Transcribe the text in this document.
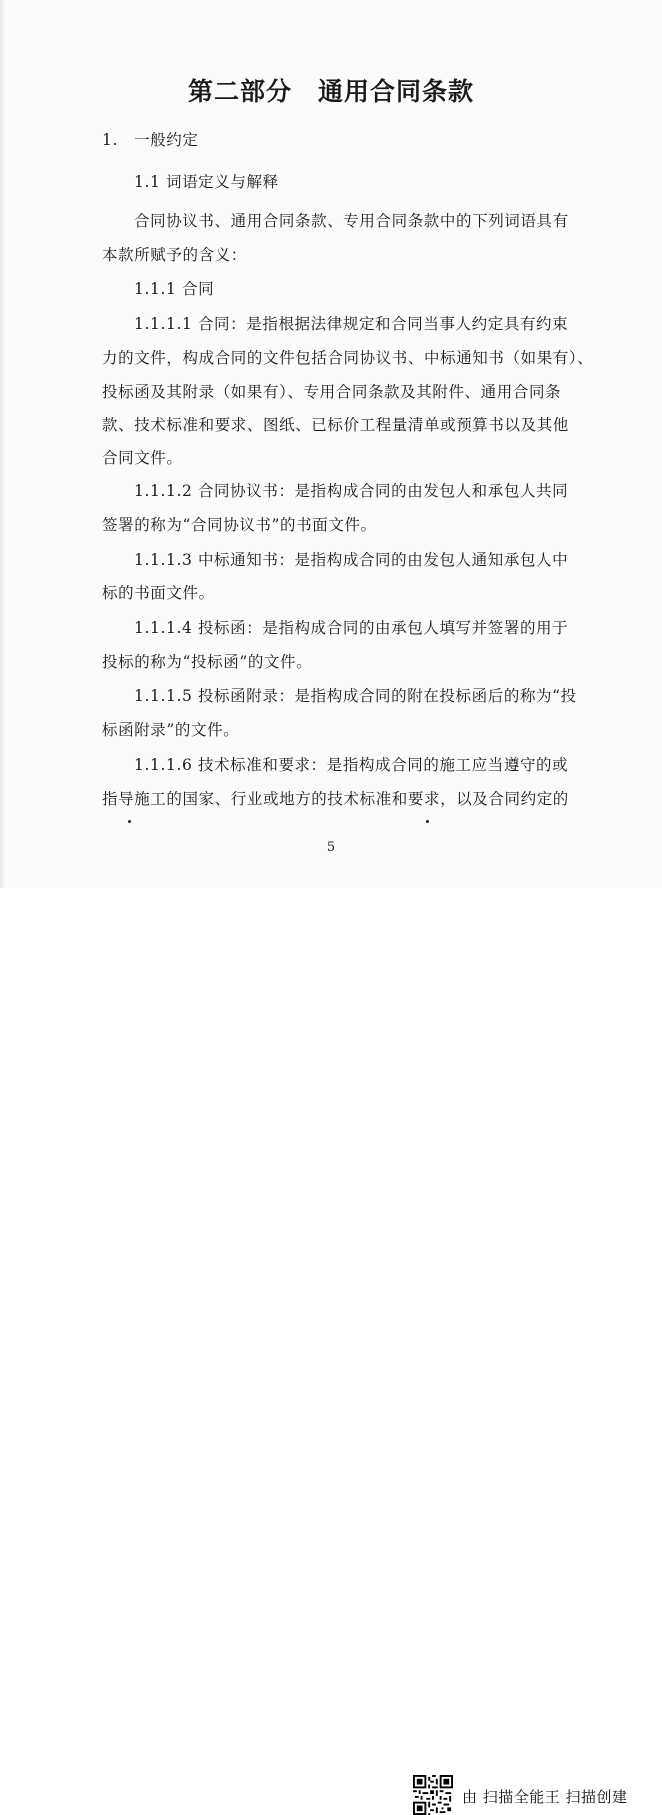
第二部分　通用合同条款
1.　一般约定
1.1 词语定义与解释
合同协议书、通用合同条款、专用合同条款中的下列词语具有
本款所赋予的含义：
1.1.1 合同
1.1.1.1 合同：是指根据法律规定和合同当事人约定具有约束
力的文件，构成合同的文件包括合同协议书、中标通知书（如果有）、
投标函及其附录（如果有）、专用合同条款及其附件、通用合同条
款、技术标准和要求、图纸、已标价工程量清单或预算书以及其他
合同文件。
1.1.1.2 合同协议书：是指构成合同的由发包人和承包人共同
签署的称为“合同协议书”的书面文件。
1.1.1.3 中标通知书：是指构成合同的由发包人通知承包人中
标的书面文件。
1.1.1.4 投标函：是指构成合同的由承包人填写并签署的用于
投标的称为“投标函”的文件。
1.1.1.5 投标函附录：是指构成合同的附在投标函后的称为“投
标函附录”的文件。
1.1.1.6 技术标准和要求：是指构成合同的施工应当遵守的或
指导施工的国家、行业或地方的技术标准和要求，以及合同约定的
5
由 扫描全能王 扫描创建
